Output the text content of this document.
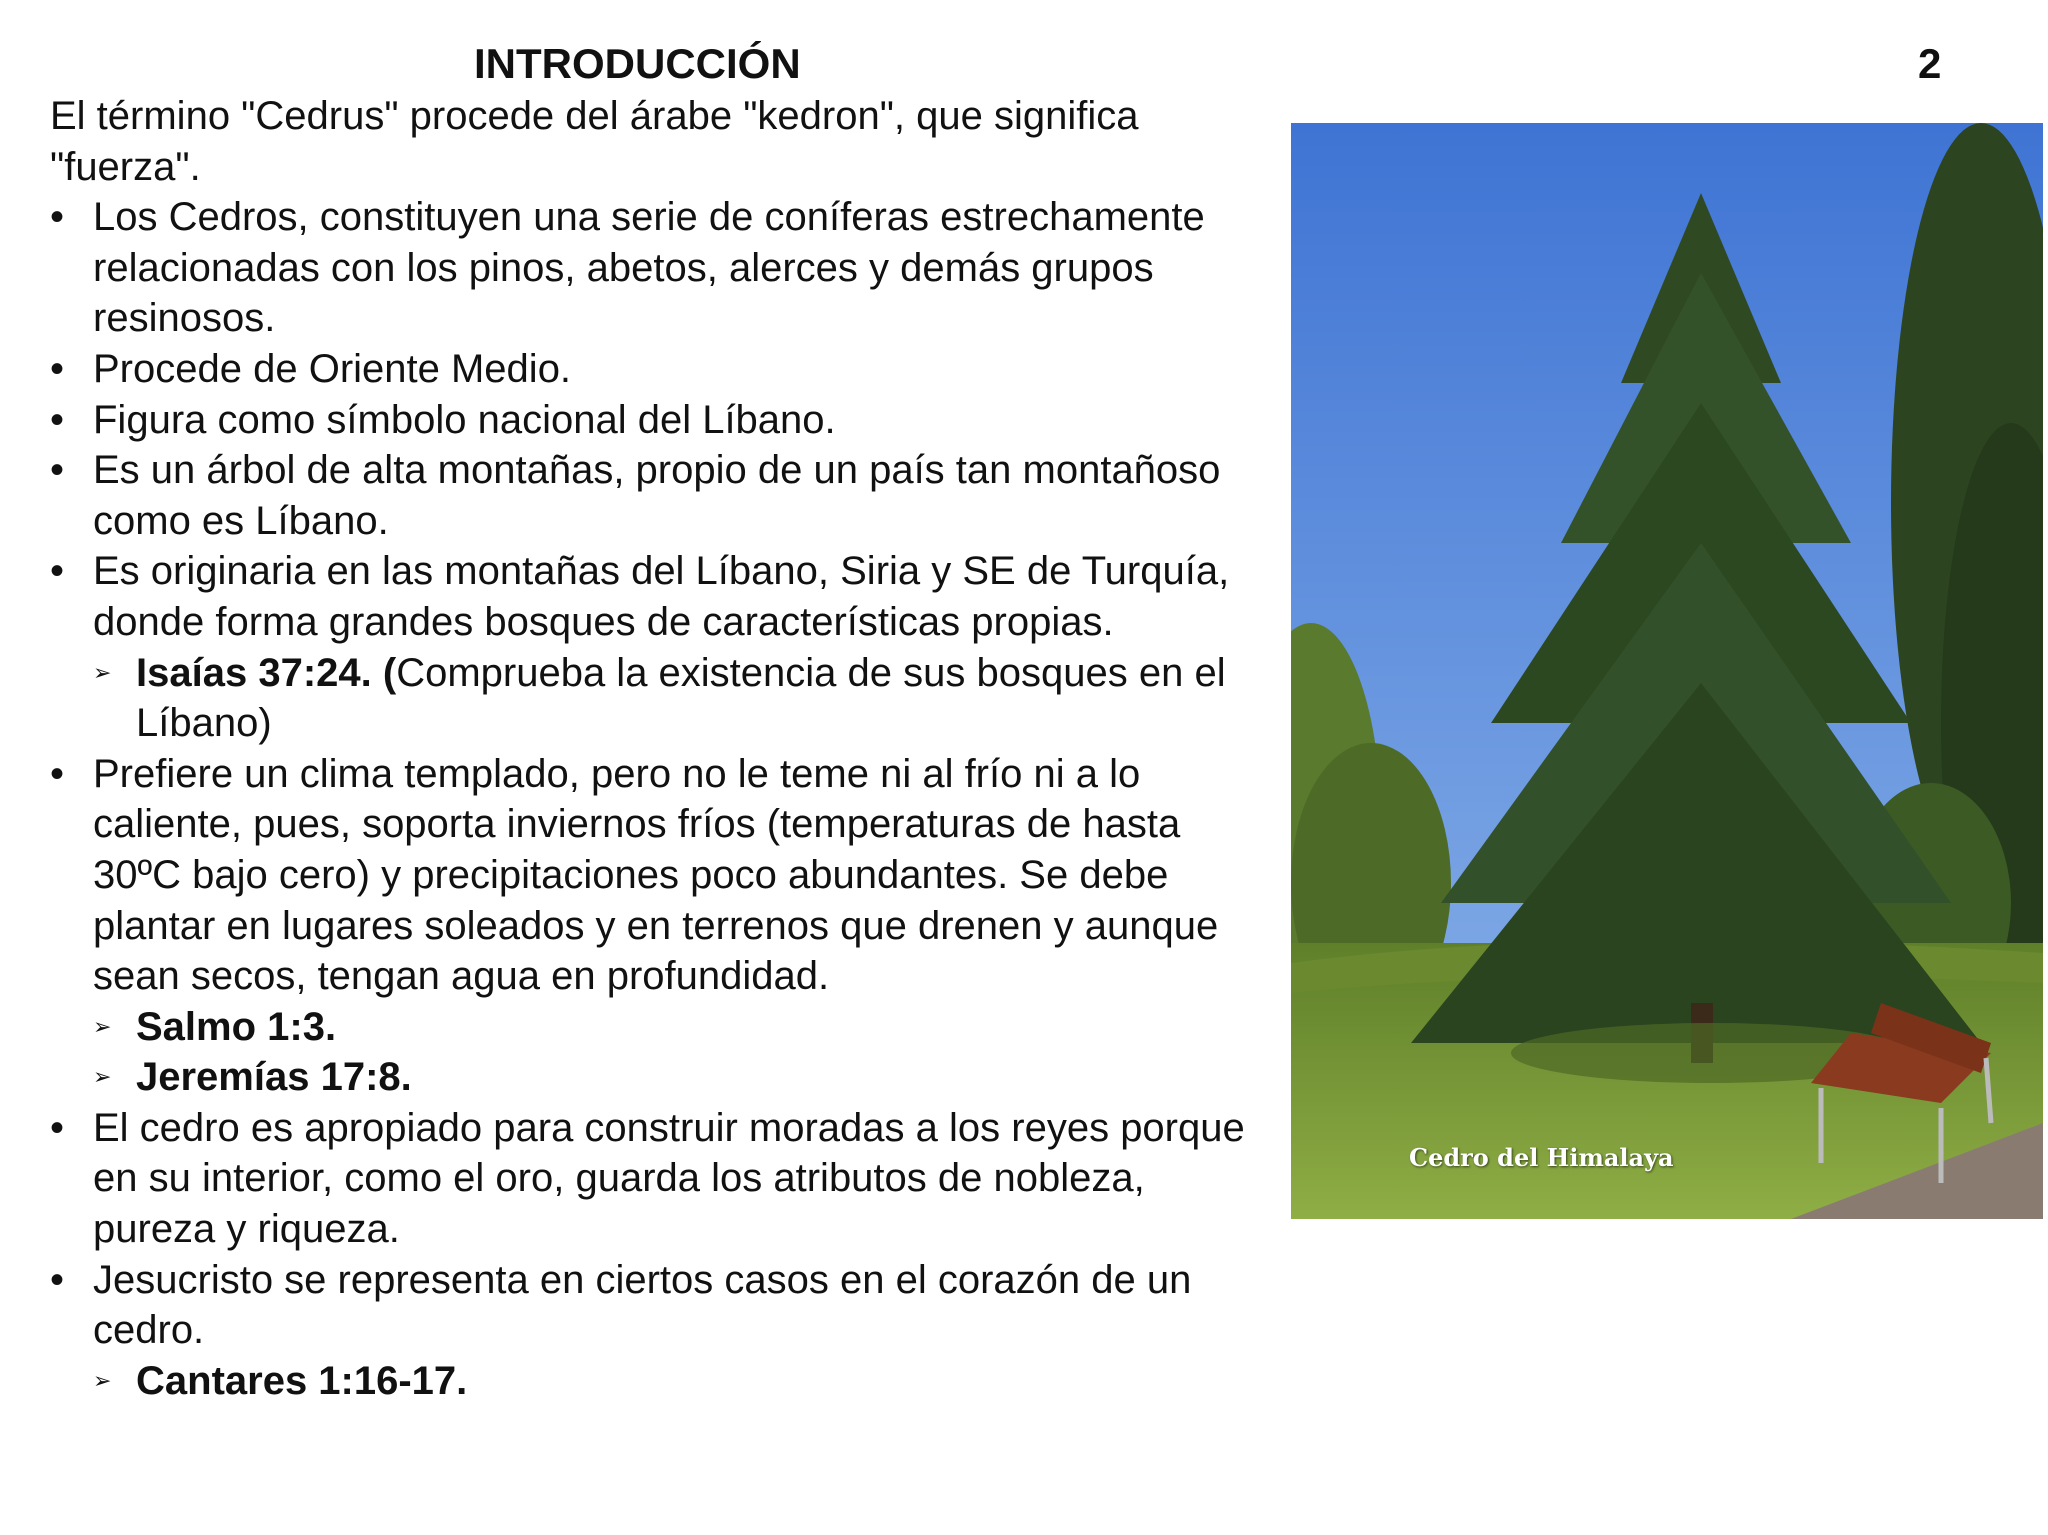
INTRODUCCIÓN	2

El término "Cedrus" procede del árabe "kedron", que significa "fuerza".

• Los Cedros, constituyen una serie de coníferas estrechamente relacionadas con los pinos, abetos, alerces y demás grupos resinosos.
• Procede de Oriente Medio.
• Figura como símbolo nacional del Líbano.
• Es un árbol de alta montañas, propio de un país tan montañoso como es Líbano.
• Es originaria en las montañas del Líbano, Siria y SE de Turquía, donde forma grandes bosques de características propias.
➢ Isaías 37:24. (Comprueba la existencia de sus bosques en el Líbano)
• Prefiere un clima templado, pero no le teme ni al frío ni a lo caliente, pues, soporta inviernos fríos (temperaturas de hasta 30ºC bajo cero) y precipitaciones poco abundantes. Se debe plantar en lugares soleados y en terrenos que drenen y aunque sean secos, tengan agua en profundidad.
➢ Salmo 1:3.
➢ Jeremías 17:8.
• El cedro es apropiado para construir moradas a los reyes porque en su interior, como el oro, guarda los atributos de nobleza, pureza y riqueza.
• Jesucristo se representa en ciertos casos en el corazón de un cedro.
➢ Cantares 1:16-17.
Cedro del Himalaya
